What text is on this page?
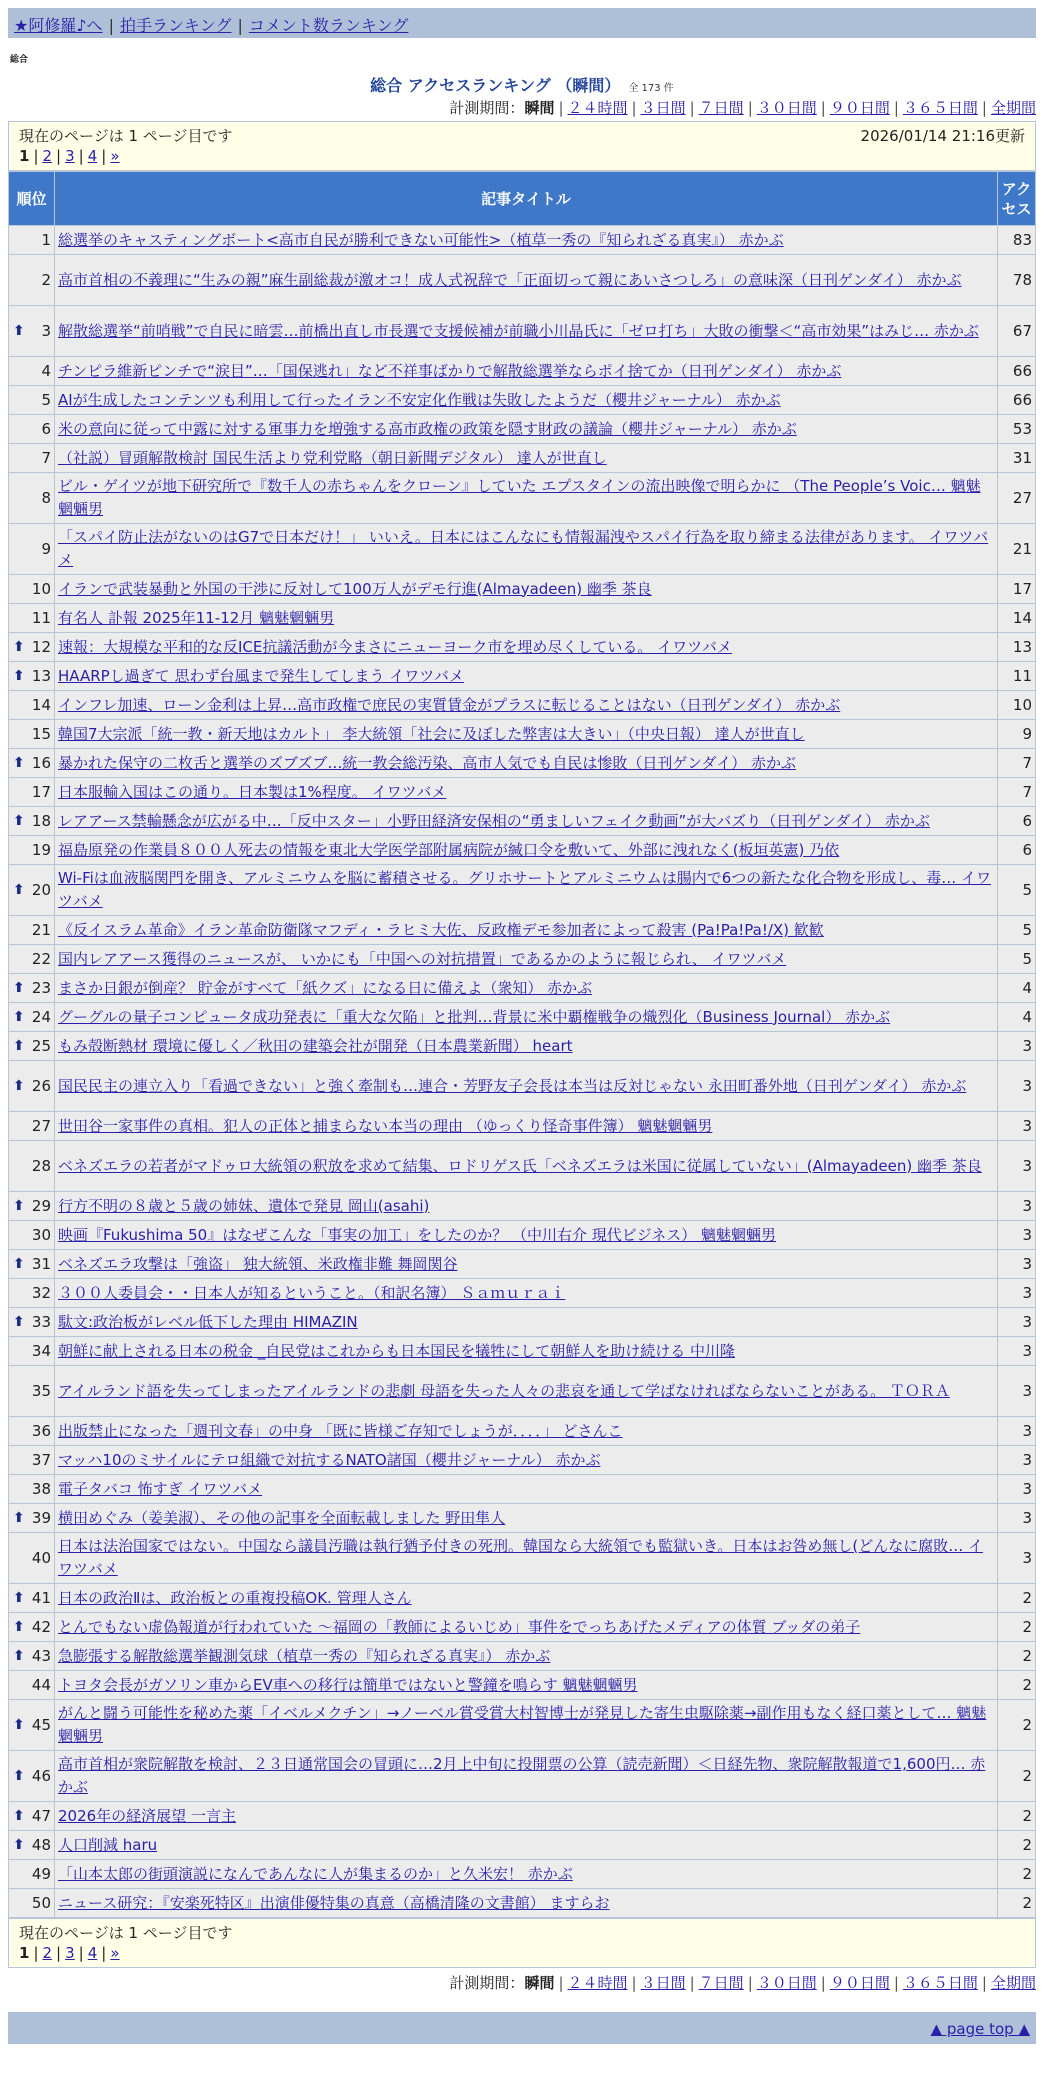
★阿修羅♪へ | 拍手ランキング | コメント数ランキング
総合
総合 アクセスランキング （瞬間） 全 173 件
計測期間：瞬間 | ２４時間 | ３日間 | ７日間 | ３０日間 | ９０日間 | ３６５日間 | 全期間
現在のページは 1 ページ目です	2026/01/14 21:16更新
1 | 2 | 3 | 4 | »
順位	記事タイトル	アクセス
1	総選挙のキャスティングボート<高市自民が勝利できない可能性>（植草一秀の『知られざる真実』） 赤かぶ	83
2	高市首相の不義理に“生みの親”麻生副総裁が激オコ！成人式祝辞で「正面切って親にあいさつしろ」の意味深（日刊ゲンダイ） 赤かぶ	78

⬆ 3	解散総選挙“前哨戦”で自民に暗雲…前橋出直し市長選で支援候補が前職小川晶氏に「ゼロ打ち」大敗の衝撃＜“高市効果”はみじ… 赤かぶ	67
4	チンピラ維新ピンチで“涙目”…「国保逃れ」など不祥事ばかりで解散総選挙ならポイ捨てか（日刊ゲンダイ） 赤かぶ	66
5	AIが生成したコンテンツも利用して行ったイラン不安定化作戦は失敗したようだ（櫻井ジャーナル） 赤かぶ	66
6	米の意向に従って中露に対する軍事力を増強する高市政権の政策を隠す財政の議論（櫻井ジャーナル） 赤かぶ	53
7	（社説）冒頭解散検討 国民生活より党利党略（朝日新聞デジタル） 達人が世直し	31
8	ビル・ゲイツが地下研究所で『数千人の赤ちゃんをクローン』していた エプスタインの流出映像で明らかに （The People’s Voic… 魑魅魍魎男	27
9	「スパイ防止法がないのはG7で日本だけ！」 いいえ。日本にはこんなにも情報漏洩やスパイ行為を取り締まる法律があります。 イワツバメ	21
10	イランで武装暴動と外国の干渉に反対して100万人がデモ行進(Almayadeen) 幽季 茶良	17
11	有名人 訃報 2025年11-12月 魑魅魍魎男	14

⬆ 12	速報：大規模な平和的な反ICE抗議活動が今まさにニューヨーク市を埋め尽くしている。 イワツバメ	13

⬆ 13	HAARPし過ぎて 思わず台風まで発生してしまう イワツバメ	11
14	インフレ加速、ローン金利は上昇…高市政権で庶民の実質賃金がプラスに転じることはない（日刊ゲンダイ） 赤かぶ	10
15	韓国7大宗派「統一教・新天地はカルト」 李大統領「社会に及ぼした弊害は大きい」（中央日報） 達人が世直し	9

⬆ 16	暴かれた保守の二枚舌と選挙のズブズブ…統一教会総汚染、高市人気でも自民は惨敗（日刊ゲンダイ） 赤かぶ	7
17	日本服輸入国はこの通り。日本製は1%程度。 イワツバメ	7

⬆ 18	レアアース禁輸懸念が広がる中…「反中スター」小野田経済安保相の“勇ましいフェイク動画”が大バズり（日刊ゲンダイ） 赤かぶ	6
19	福島原発の作業員８００人死去の情報を東北大学医学部附属病院が緘口令を敷いて、外部に洩れなく(板垣英憲) 乃依	6

⬆ 20	Wi-Fiは血液脳関門を開き、アルミニウムを脳に蓄積させる。グリホサートとアルミニウムは腸内で6つの新たな化合物を形成し、毒… イワツバメ	5
21	《反イスラム革命》イラン革命防衛隊マフディ・ラヒミ大佐、反政権デモ参加者によって殺害 (Pa!Pa!Pa!/X) 歓歓	5
22	国内レアアース獲得のニュースが、 いかにも「中国への対抗措置」であるかのように報じられ、 イワツバメ	5

⬆ 23	まさか日銀が倒産？ 貯金がすべて「紙クズ」になる日に備えよ（衆知） 赤かぶ	4

⬆ 24	グーグルの量子コンピュータ成功発表に「重大な欠陥」と批判…背景に米中覇権戦争の熾烈化（Business Journal） 赤かぶ	4

⬆ 25	もみ殻断熱材 環境に優しく／秋田の建築会社が開発（日本農業新聞） heart	3

⬆ 26	国民民主の連立入り「看過できない」と強く牽制も…連合・芳野友子会長は本当は反対じゃない 永田町番外地（日刊ゲンダイ） 赤かぶ	3
27	世田谷一家事件の真相。犯人の正体と捕まらない本当の理由 （ゆっくり怪奇事件簿） 魑魅魍魎男	3
28	ベネズエラの若者がマドゥロ大統領の釈放を求めて結集、ロドリゲス氏「ベネズエラは米国に従属していない」(Almayadeen) 幽季 茶良	3

⬆ 29	行方不明の８歳と５歳の姉妹、遺体で発見 岡山(asahi)	3
30	映画『Fukushima 50』はなぜこんな「事実の加工」をしたのか？ （中川右介 現代ビジネス） 魑魅魍魎男	3

⬆ 31	ベネズエラ攻撃は「強盗」 独大統領、米政権非難 舞岡関谷	3
32	３００人委員会・・日本人が知るということ。（和訳名簿） Ｓａｍｕｒａｉ	3

⬆ 33	駄文:政治板がレベル低下した理由 HIMAZIN	3
34	朝鮮に献上される日本の税金 _自民党はこれからも日本国民を犠牲にして朝鮮人を助け続ける 中川隆	3
35	アイルランド語を失ってしまったアイルランドの悲劇 母語を失った人々の悲哀を通して学ばなければならないことがある。 ＴＯＲＡ	3
36	出版禁止になった「週刊文春」の中身 「既に皆様ご存知でしょうが．．．．」 どさんこ	3
37	マッハ10のミサイルにテロ組織で対抗するNATO諸国（櫻井ジャーナル） 赤かぶ	3
38	電子タバコ 怖すぎ イワツバメ	3

⬆ 39	横田めぐみ（姜美淑）、その他の記事を全面転載しました 野田隼人	3
40	日本は法治国家ではない。中国なら議員汚職は執行猶予付きの死刑。韓国なら大統領でも監獄いき。日本はお咎め無し(どんなに腐敗… イワツバメ	3

⬆ 41	日本の政治Ⅱは、政治板との重複投稿OK. 管理人さん	2

⬆ 42	とんでもない虚偽報道が行われていた ～福岡の「教師によるいじめ」事件をでっちあげたメディアの体質 ブッダの弟子	2

⬆ 43	急膨張する解散総選挙観測気球（植草一秀の『知られざる真実』） 赤かぶ	2
44	トヨタ会長がガソリン車からEV車への移行は簡単ではないと警鐘を鳴らす 魑魅魍魎男	2

⬆ 45	がんと闘う可能性を秘めた薬「イベルメクチン」→ノーベル賞受賞大村智博士が発見した寄生虫駆除薬→副作用もなく経口薬として… 魑魅魍魎男	2

⬆ 46	高市首相が衆院解散を検討、２３日通常国会の冒頭に…2月上中旬に投開票の公算（読売新聞）＜日経先物、衆院解散報道で1,600円… 赤かぶ	2

⬆ 47	2026年の経済展望 一言主	2

⬆ 48	人口削減 haru	2
49	「山本太郎の街頭演説になんであんなに人が集まるのか」と久米宏！ 赤かぶ	2
50	ニュース研究：『安楽死特区』出演俳優特集の真意（高橋清隆の文書館） ますらお	2
現在のページは 1 ページ目です
1 | 2 | 3 | 4 | »
計測期間：瞬間 | ２４時間 | ３日間 | ７日間 | ３０日間 | ９０日間 | ３６５日間 | 全期間
▲ page top ▲
